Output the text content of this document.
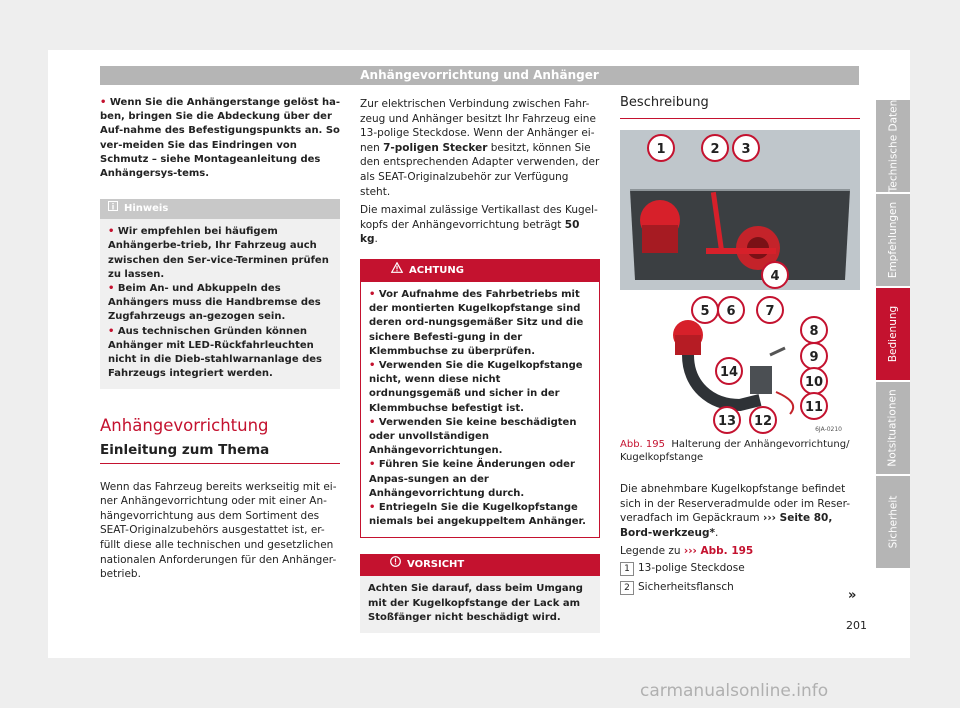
Anhängevorrichtung und Anhänger

• Wenn Sie die Anhängerstange gelöst ha-ben, bringen Sie die Abdeckung über der Auf-nahme des Befestigungspunkts an. So ver-meiden Sie das Eindringen von Schmutz – siehe Montageanleitung des Anhängersys-tems.

Hinweis

• Wir empfehlen bei häufigem Anhängerbe-trieb, Ihr Fahrzeug auch zwischen den Ser-vice-Terminen prüfen zu lassen.

• Beim An- und Abkuppeln des Anhängers muss die Handbremse des Zugfahrzeugs an-gezogen sein.

• Aus technischen Gründen können Anhänger mit LED-Rückfahrleuchten nicht in die Dieb-stahlwarnanlage des Fahrzeugs integriert werden.

Anhängevorrichtung
Einleitung zum Thema

Wenn das Fahrzeug bereits werkseitig mit ei-ner Anhängevorrichtung oder mit einer An-hängevorrichtung aus dem Sortiment des SEAT-Originalzubehörs ausgestattet ist, er-füllt diese alle technischen und gesetzlichen nationalen Anforderungen für den Anhänger-betrieb.

Zur elektrischen Verbindung zwischen Fahr-zeug und Anhänger besitzt Ihr Fahrzeug eine 13-polige Steckdose. Wenn der Anhänger ei-nen 7-poligen Stecker besitzt, können Sie den entsprechenden Adapter verwenden, der als SEAT-Originalzubehör zur Verfügung steht.

Die maximal zulässige Vertikallast des Kugel-kopfs der Anhängevorrichtung beträgt 50 kg.

ACHTUNG

• Vor Aufnahme des Fahrbetriebs mit der montierten Kugelkopfstange sind deren ord-nungsgemäßer Sitz und die sichere Befesti-gung in der Klemmbuchse zu überprüfen.

• Verwenden Sie die Kugelkopfstange nicht, wenn diese nicht ordnungsgemäß und sicher in der Klemmbuchse befestigt ist.

• Verwenden Sie keine beschädigten oder unvollständigen Anhängevorrichtungen.

• Führen Sie keine Änderungen oder Anpas-sungen an der Anhängevorrichtung durch.

• Entriegeln Sie die Kugelkopfstange niemals bei angekuppeltem Anhänger.

VORSICHT

Achten Sie darauf, dass beim Umgang mit der Kugelkopfstange der Lack am Stoßfänger nicht beschädigt wird.

Beschreibung
6JA-0210
1	2 3
4
5 6 7
8
9
10
11
12
13
14
Abb. 195 Halterung der Anhängevorrichtung/ Kugelkopfstange

Die abnehmbare Kugelkopfstange befindet sich in der Reserveradmulde oder im Reser-veradfach im Gepäckraum ››› Seite 80, Bord-werkzeug*.

Legende zu ››› Abb. 195

1 13-polige Steckdose
2 Sicherheitsflansch
»
Technische Daten
Empfehlungen
Bedienung
Notsituationen
Sicherheit
201
carmanualsonline.info
